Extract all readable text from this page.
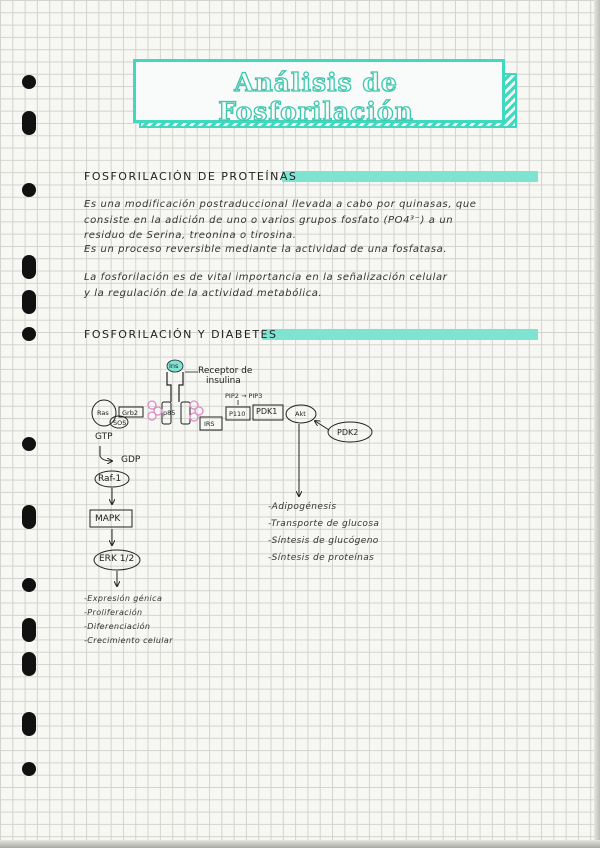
Análisis de Fosforilación
FOSFORILACIÓN DE PROTEÍNAS
Es una modificación postraduccional llevada a cabo por quinasas, que
consiste en la adición de uno o varios grupos fosfato (PO4³⁻) a un
residuo de Serina, treonina o tirosina.
Es un proceso reversible mediante la actividad de una fosfatasa.
La fosforilación es de vital importancia en la señalización celular
y la regulación de la actividad metabólica.
FOSFORILACIÓN Y DIABETES
Ins Receptor de
insulina
Ras Grb2
SOS
p85
IRS
PIP2 → PIP3
P110 PDK1	Akt
PDK2
GTP
GDP
Raf-1
MAPK
ERK 1/2
-Expresión génica
-Proliferación
-Diferenciación
-Crecimiento celular
-Adipogénesis
-Transporte de glucosa
-Síntesis de glucógeno
-Síntesis de proteínas
